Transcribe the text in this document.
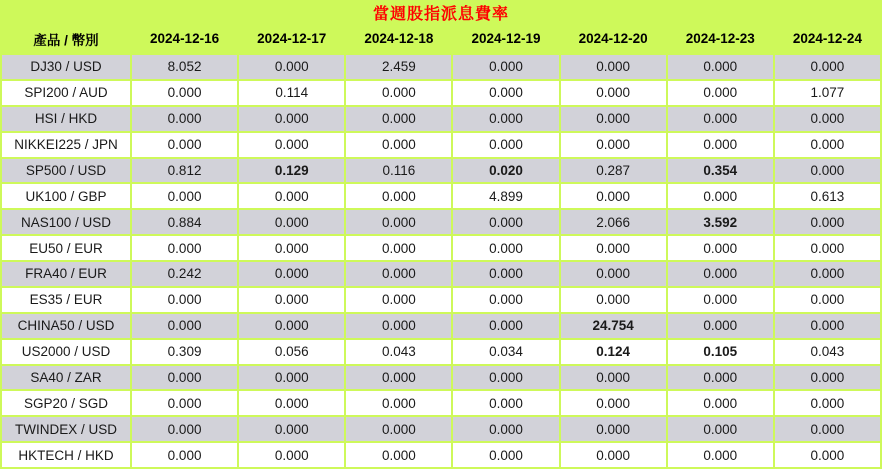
當週股指派息費率							
產品 / 幣別	2024-12-16	2024-12-17	2024-12-18	2024-12-19	2024-12-20	2024-12-23	2024-12-24
DJ30 / USD	8.052	0.000	2.459	0.000	0.000	0.000	0.000
SPI200 / AUD	0.000	0.114	0.000	0.000	0.000	0.000	1.077
HSI / HKD	0.000	0.000	0.000	0.000	0.000	0.000	0.000
NIKKEI225 / JPN	0.000	0.000	0.000	0.000	0.000	0.000	0.000
SP500 / USD	0.812	0.129	0.116	0.020	0.287	0.354	0.000
UK100 / GBP	0.000	0.000	0.000	4.899	0.000	0.000	0.613
NAS100 / USD	0.884	0.000	0.000	0.000	2.066	3.592	0.000
EU50 / EUR	0.000	0.000	0.000	0.000	0.000	0.000	0.000
FRA40 / EUR	0.242	0.000	0.000	0.000	0.000	0.000	0.000
ES35 / EUR	0.000	0.000	0.000	0.000	0.000	0.000	0.000
CHINA50 / USD	0.000	0.000	0.000	0.000	24.754	0.000	0.000
US2000 / USD	0.309	0.056	0.043	0.034	0.124	0.105	0.043
SA40 / ZAR	0.000	0.000	0.000	0.000	0.000	0.000	0.000
SGP20 / SGD	0.000	0.000	0.000	0.000	0.000	0.000	0.000
TWINDEX / USD	0.000	0.000	0.000	0.000	0.000	0.000	0.000
HKTECH / HKD	0.000	0.000	0.000	0.000	0.000	0.000	0.000
